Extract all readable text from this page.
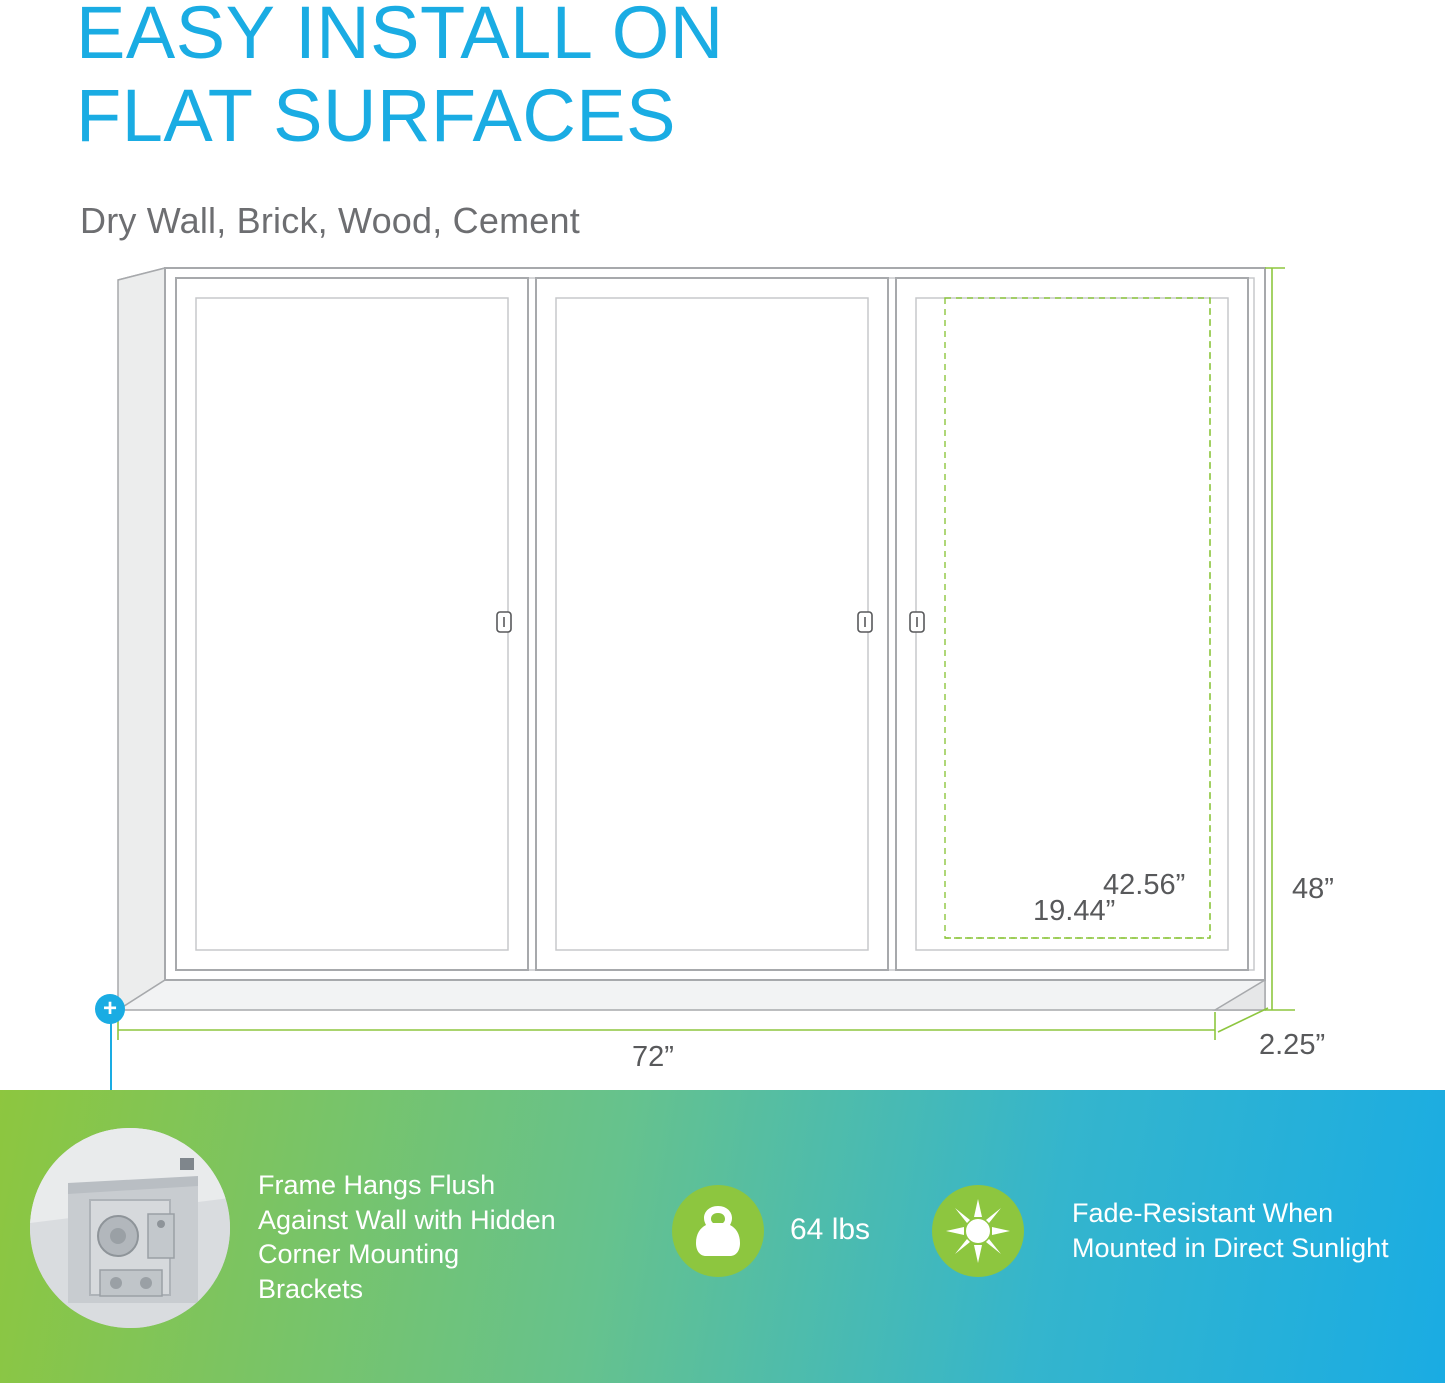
EASY INSTALL ON
FLAT SURFACES
Dry Wall, Brick, Wood, Cement
42.56”
19.44”
48”
72”	2.25”
+
Frame Hangs Flush Against Wall with Hidden Corner Mounting Brackets
64 lbs	Fade-Resistant When Mounted in Direct Sunlight
